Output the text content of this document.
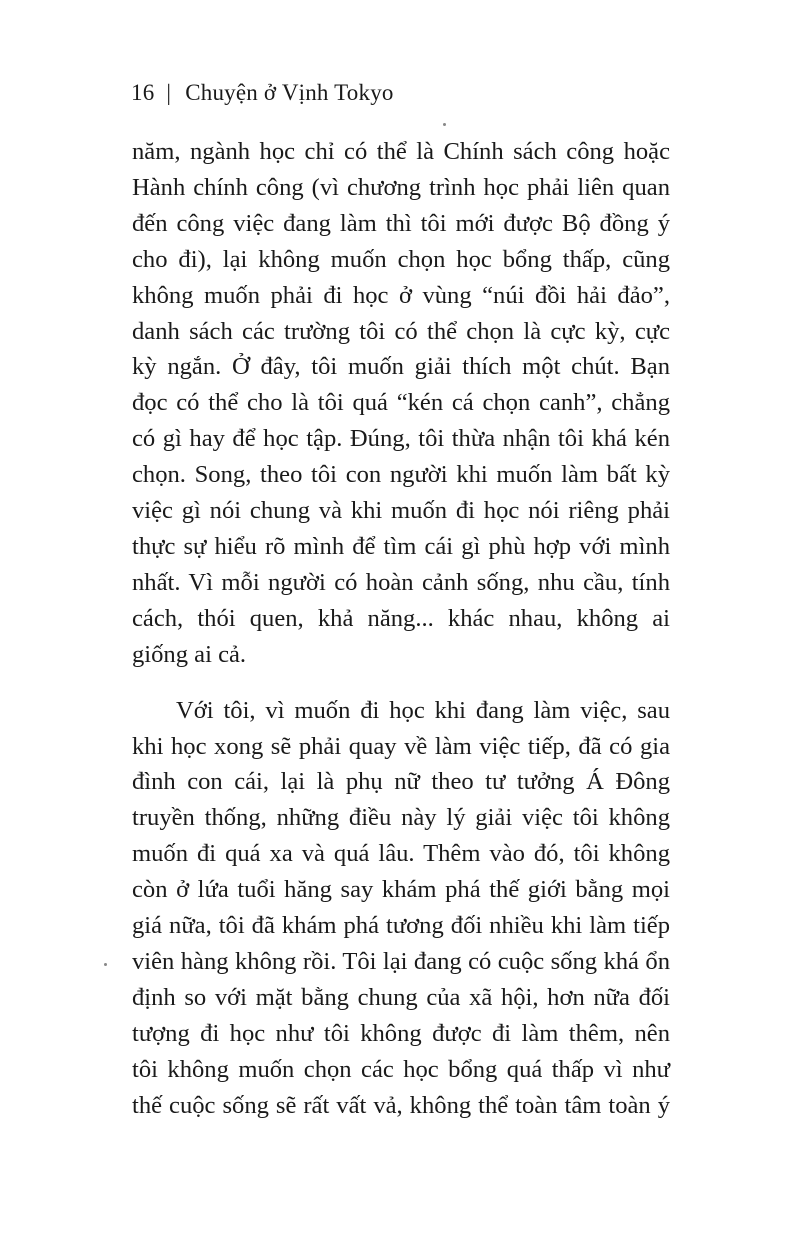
16 | Chuyện ở Vịnh Tokyo
năm, ngành học chỉ có thể là Chính sách công hoặc
Hành chính công (vì chương trình học phải liên quan
đến công việc đang làm thì tôi mới được Bộ đồng ý
cho đi), lại không muốn chọn học bổng thấp, cũng
không muốn phải đi học ở vùng “núi đồi hải đảo”,
danh sách các trường tôi có thể chọn là cực kỳ, cực
kỳ ngắn. Ở đây, tôi muốn giải thích một chút. Bạn
đọc có thể cho là tôi quá “kén cá chọn canh”, chẳng
có gì hay để học tập. Đúng, tôi thừa nhận tôi khá kén
chọn. Song, theo tôi con người khi muốn làm bất kỳ
việc gì nói chung và khi muốn đi học nói riêng phải
thực sự hiểu rõ mình để tìm cái gì phù hợp với mình
nhất. Vì mỗi người có hoàn cảnh sống, nhu cầu, tính
cách, thói quen, khả năng... khác nhau, không ai
giống ai cả.
Với tôi, vì muốn đi học khi đang làm việc, sau
khi học xong sẽ phải quay về làm việc tiếp, đã có gia
đình con cái, lại là phụ nữ theo tư tưởng Á Đông
truyền thống, những điều này lý giải việc tôi không
muốn đi quá xa và quá lâu. Thêm vào đó, tôi không
còn ở lứa tuổi hăng say khám phá thế giới bằng mọi
giá nữa, tôi đã khám phá tương đối nhiều khi làm tiếp
viên hàng không rồi. Tôi lại đang có cuộc sống khá ổn
định so với mặt bằng chung của xã hội, hơn nữa đối
tượng đi học như tôi không được đi làm thêm, nên
tôi không muốn chọn các học bổng quá thấp vì như
thế cuộc sống sẽ rất vất vả, không thể toàn tâm toàn ý
